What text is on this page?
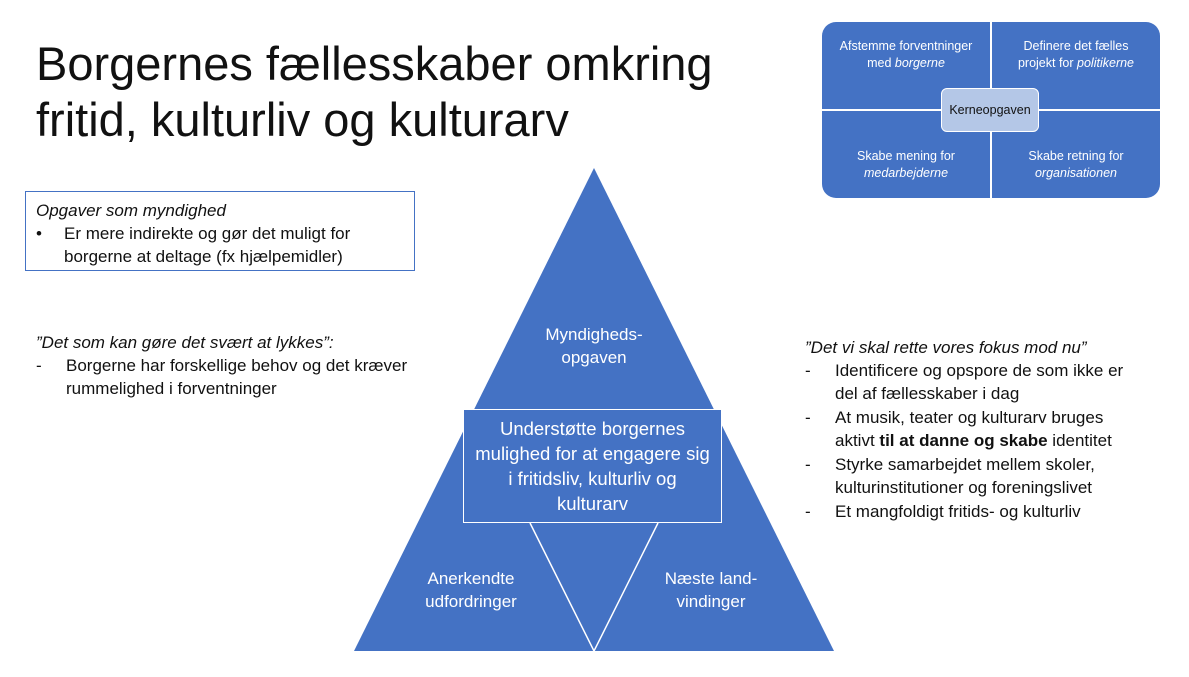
Borgernes fællesskaber omkring
fritid, kulturliv og kulturarv
Afstemme forventninger
med borgerne
Definere det fælles
projekt for politikerne
Skabe mening for
medarbejderne
Skabe retning for
organisationen
Kerneopgaven
Opgaver som myndighed
•	Er mere indirekte og gør det muligt for
borgerne at deltage (fx hjælpemidler)
”Det som kan gøre det svært at lykkes”:
-	Borgerne har forskellige behov og det kræver
rummelighed i forventninger
Myndigheds-
opgaven
Anerkendte
udfordringer
Næste land-
vindinger
Understøtte borgernes mulighed for at engagere sig i fritidsliv, kulturliv og kulturarv
”Det vi skal rette vores fokus mod nu”
-	Identificere og opspore de som ikke er
del af fællesskaber i dag
-	At musik, teater og kulturarv bruges
aktivt til at danne og skabe identitet
-	Styrke samarbejdet mellem skoler,
kulturinstitutioner og foreningslivet
-	Et mangfoldigt fritids- og kulturliv
